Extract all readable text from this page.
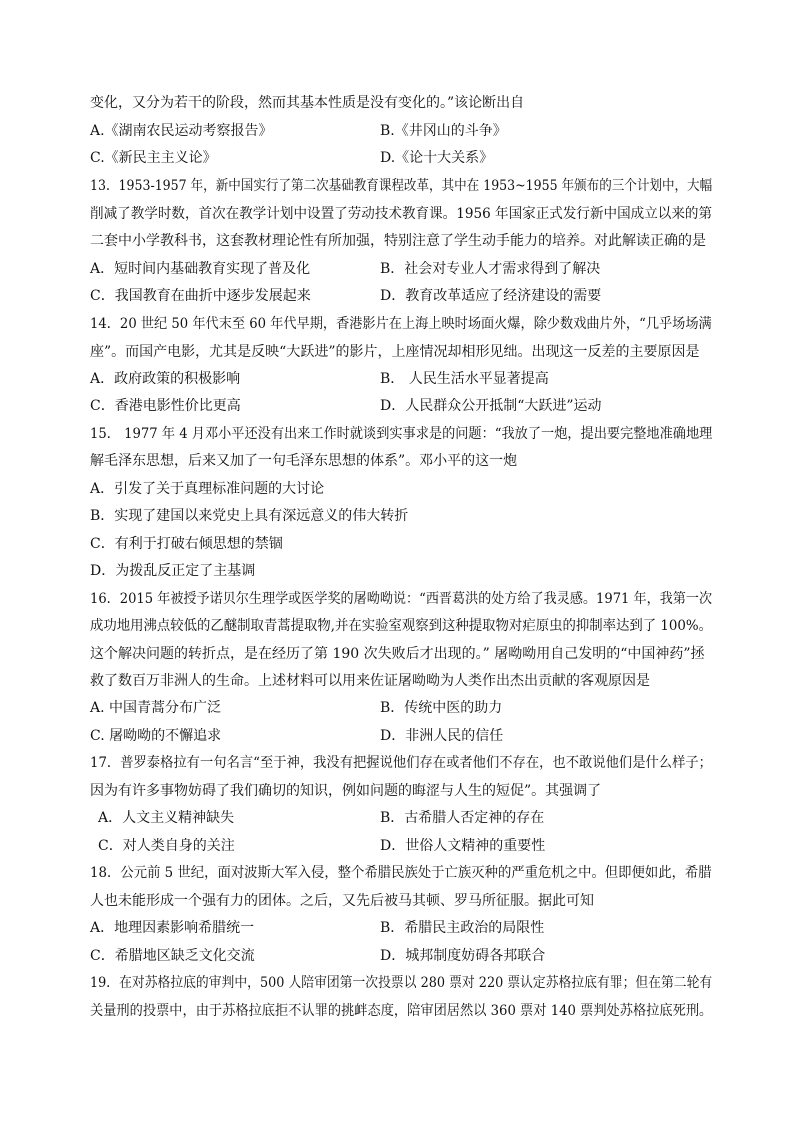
变化，又分为若干的阶段，然而其基本性质是没有变化的。”该论断出自
A.《湖南农民运动考察报告》	B.《井冈山的斗争》
C.《新民主主义论》	D.《论十大关系》
13．1953-1957 年，新中国实行了第二次基础教育课程改革，其中在 1953~1955 年颁布的三个计划中，大幅
削减了教学时数，首次在教学计划中设置了劳动技术教育课。1956 年国家正式发行新中国成立以来的第
二套中小学教科书，这套教材理论性有所加强，特别注意了学生动手能力的培养。对此解读正确的是
A．短时间内基础教育实现了普及化	B．社会对专业人才需求得到了解决
C．我国教育在曲折中逐步发展起来	D．教育改革适应了经济建设的需要
14．20 世纪 50 年代末至 60 年代早期，香港影片在上海上映时场面火爆，除少数戏曲片外，“几乎场场满
座”。而国产电影，尤其是反映“大跃进”的影片，上座情况却相形见绌。出现这一反差的主要原因是
A．政府政策的积极影响	B． 人民生活水平显著提高
C．香港电影性价比更高	D．人民群众公开抵制“大跃进”运动
15． 1977 年 4 月邓小平还没有出来工作时就谈到实事求是的问题：“我放了一炮，提出要完整地准确地理
解毛泽东思想，后来又加了一句毛泽东思想的体系”。邓小平的这一炮
A．引发了关于真理标准问题的大讨论
B．实现了建国以来党史上具有深远意义的伟大转折
C．有利于打破右倾思想的禁锢
D．为拨乱反正定了主基调
16．2015 年被授予诺贝尔生理学或医学奖的屠呦呦说：“西晋葛洪的处方给了我灵感。1971 年，我第一次
成功地用沸点较低的乙醚制取青蒿提取物,并在实验室观察到这种提取物对疟原虫的抑制率达到了 100%。
这个解决问题的转折点，是在经历了第 190 次失败后才出现的。” 屠呦呦用自己发明的“中国神药”拯
救了数百万非洲人的生命。上述材料可以用来佐证屠呦呦为人类作出杰出贡献的客观原因是
A. 中国青蒿分布广泛	B．传统中医的助力
C. 屠呦呦的不懈追求	D．非洲人民的信任
17．普罗泰格拉有一句名言“至于神，我没有把握说他们存在或者他们不存在，也不敢说他们是什么样子；
因为有许多事物妨碍了我们确切的知识，例如问题的晦涩与人生的短促”。其强调了
A．人文主义精神缺失	B．古希腊人否定神的存在
C．对人类自身的关注	D．世俗人文精神的重要性
18．公元前 5 世纪，面对波斯大军入侵，整个希腊民族处于亡族灭种的严重危机之中。但即便如此，希腊
人也未能形成一个强有力的团体。之后，又先后被马其顿、罗马所征服。据此可知
A．地理因素影响希腊统一	B．希腊民主政治的局限性
C．希腊地区缺乏文化交流	D．城邦制度妨碍各邦联合
19．在对苏格拉底的审判中，500 人陪审团第一次投票以 280 票对 220 票认定苏格拉底有罪；但在第二轮有
关量刑的投票中，由于苏格拉底拒不认罪的挑衅态度，陪审团居然以 360 票对 140 票判处苏格拉底死刑。
